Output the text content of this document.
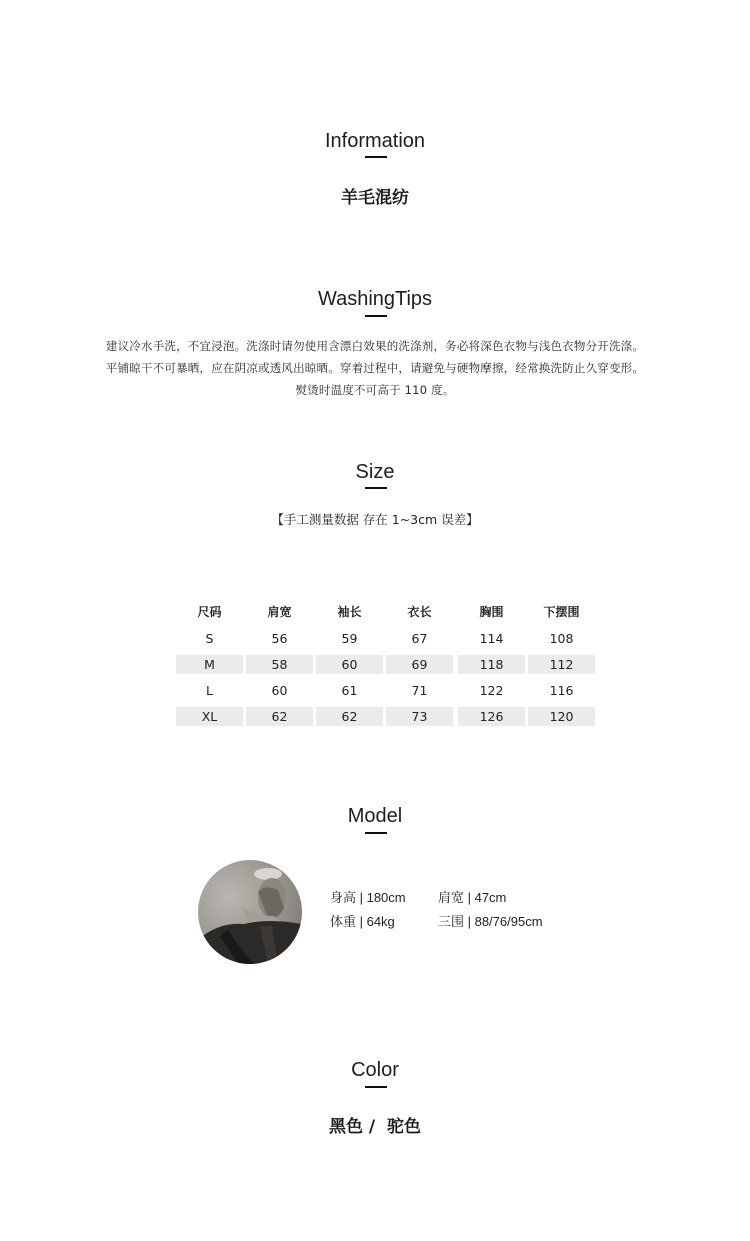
Information
羊毛混纺
WashingTips
建议冷水手洗，不宜浸泡。洗涤时请勿使用含漂白效果的洗涤剂，务必将深色衣物与浅色衣物分开洗涤。
平铺晾干不可暴晒，应在阴凉或透风出晾晒。穿着过程中，请避免与硬物摩擦，经常换洗防止久穿变形。
熨烫时温度不可高于 110 度。
Size
【手工测量数据 存在 1~3cm 误差】
尺码	肩宽	袖长	衣长	胸围	下摆围
S	56	59	67	114	108
M	58	60	69	118	112
L	60	61	71	122	116
XL	62	62	73	126	120
Model
身高 | 180cm 肩宽 | 47cm
体重 | 64kg	三围 | 88/76/95cm
Color
黑色 /  驼色
